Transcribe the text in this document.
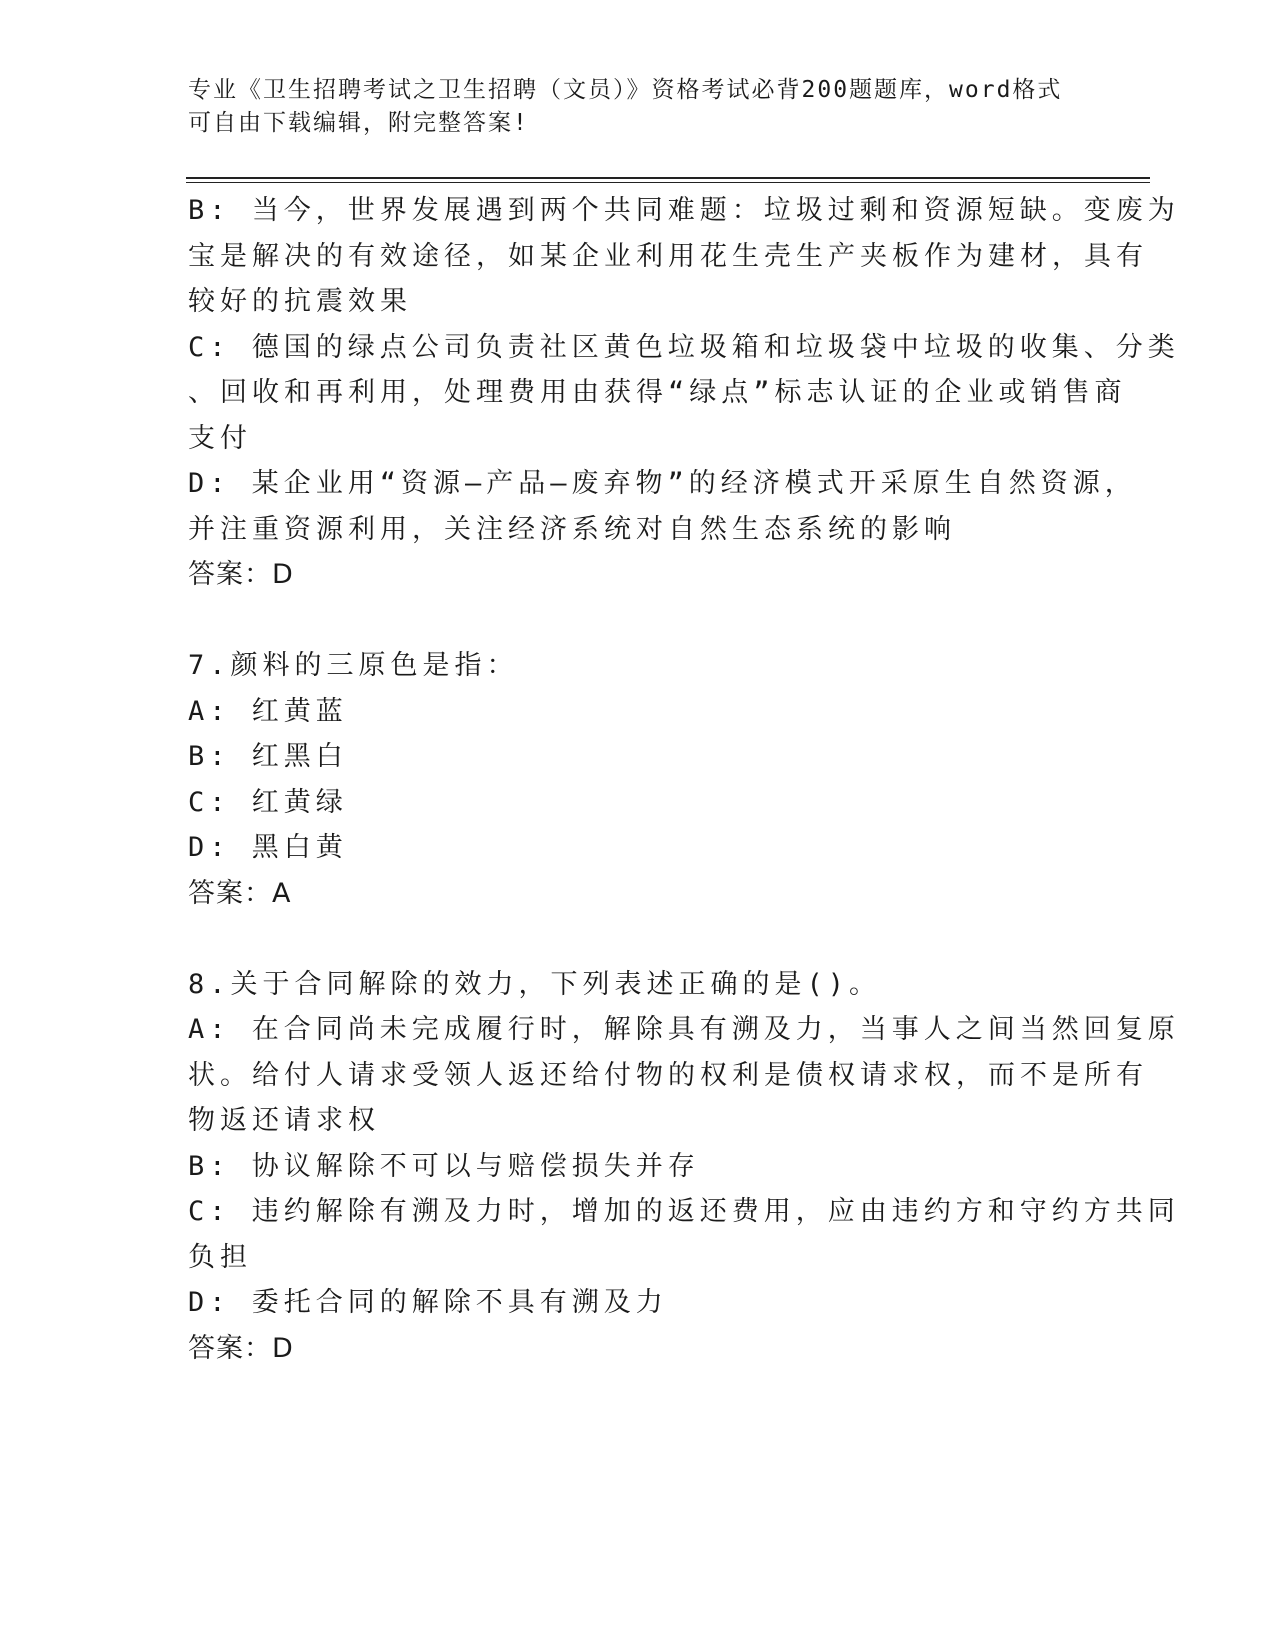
专业《卫生招聘考试之卫生招聘（文员）》资格考试必背200题题库，word格式
可自由下载编辑，附完整答案!
B: 当今，世界发展遇到两个共同难题：垃圾过剩和资源短缺。变废为
宝是解决的有效途径，如某企业利用花生壳生产夹板作为建材，具有
较好的抗震效果
C: 德国的绿点公司负责社区黄色垃圾箱和垃圾袋中垃圾的收集、分类
、回收和再利用，处理费用由获得“绿点”标志认证的企业或销售商
支付
D: 某企业用“资源—产品—废弃物”的经济模式开采原生自然资源，
并注重资源利用，关注经济系统对自然生态系统的影响
答案：D
7.颜料的三原色是指：
A: 红黄蓝
B: 红黑白
C: 红黄绿
D: 黑白黄
答案：A
8.关于合同解除的效力，下列表述正确的是()。
A: 在合同尚未完成履行时，解除具有溯及力，当事人之间当然回复原
状。给付人请求受领人返还给付物的权利是债权请求权，而不是所有
物返还请求权
B: 协议解除不可以与赔偿损失并存
C: 违约解除有溯及力时，增加的返还费用，应由违约方和守约方共同
负担
D: 委托合同的解除不具有溯及力
答案：D
